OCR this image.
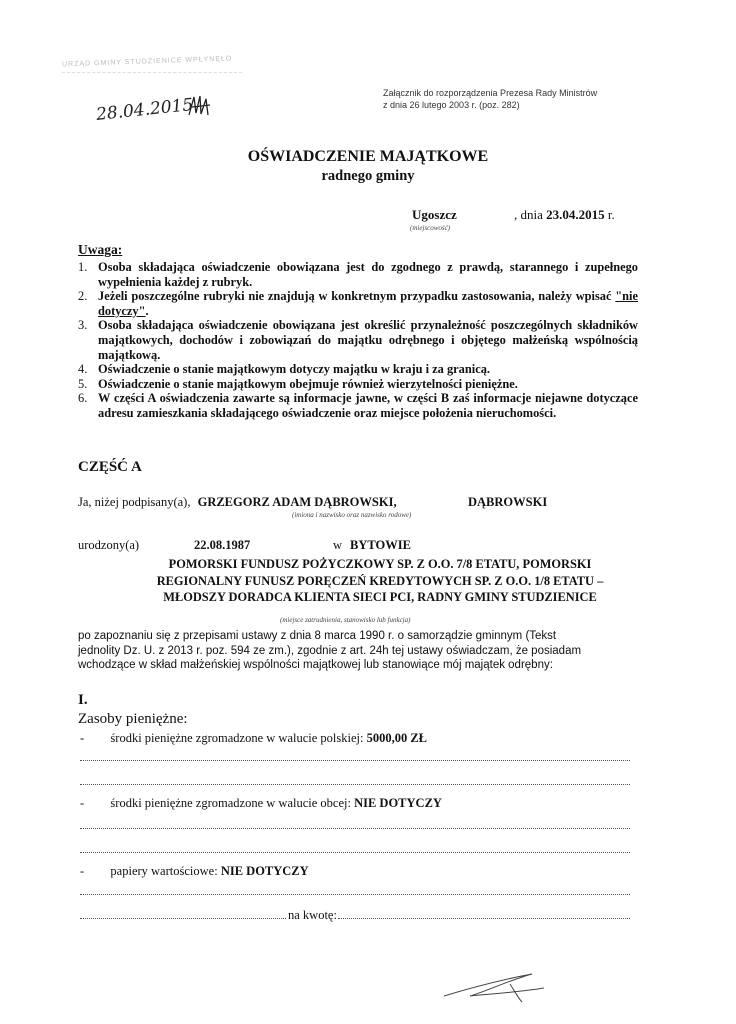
URZĄD GMINY STUDZIENICE WPŁYNĘŁO
28.04.2015
Załącznik do rozporządzenia Prezesa Rady Ministrów
z dnia 26 lutego 2003 r. (poz. 282)
OŚWIADCZENIE MAJĄTKOWE
radnego gminy
Ugoszcz
(miejscowość)
, dnia 23.04.2015 r.
Uwaga:
1. Osoba składająca oświadczenie obowiązana jest do zgodnego z prawdą, starannego i zupełnego wypełnienia każdej z rubryk.
2. Jeżeli poszczególne rubryki nie znajdują w konkretnym przypadku zastosowania, należy wpisać "nie dotyczy".
3. Osoba składająca oświadczenie obowiązana jest określić przynależność poszczególnych składników majątkowych, dochodów i zobowiązań do majątku odrębnego i objętego małżeńską wspólnością majątkową.
4. Oświadczenie o stanie majątkowym dotyczy majątku w kraju i za granicą.
5. Oświadczenie o stanie majątkowym obejmuje również wierzytelności pieniężne.
6. W części A oświadczenia zawarte są informacje jawne, w części B zaś informacje niejawne dotyczące adresu zamieszkania składającego oświadczenie oraz miejsce położenia nieruchomości.
CZĘŚĆ A
Ja, niżej podpisany(a), GRZEGORZ ADAM DĄBROWSKI,	DĄBROWSKI
(imiona i nazwisko oraz nazwisko rodowe)
urodzony(a)	22.08.1987	w BYTOWIE
POMORSKI FUNDUSZ POŻYCZKOWY SP. Z O.O. 7/8 ETATU, POMORSKI
REGIONALNY FUNUSZ PORĘCZEŃ KREDYTOWYCH SP. Z O.O. 1/8 ETATU –
MŁODSZY DORADCA KLIENTA SIECI PCI, RADNY GMINY STUDZIENICE
(miejsce zatrudnienia, stanowisko lub funkcja)
po zapoznaniu się z przepisami ustawy z dnia 8 marca 1990 r. o samorządzie gminnym (Tekst
jednolity Dz. U. z 2013 r. poz. 594 ze zm.), zgodnie z art. 24h tej ustawy oświadczam, że posiadam
wchodzące w skład małżeńskiej wspólności majątkowej lub stanowiące mój majątek odrębny:
I.
Zasoby pieniężne:
- środki pieniężne zgromadzone w walucie polskiej: 5000,00 ZŁ
- środki pieniężne zgromadzone w walucie obcej: NIE DOTYCZY
- papiery wartościowe: NIE DOTYCZY
na kwotę:
